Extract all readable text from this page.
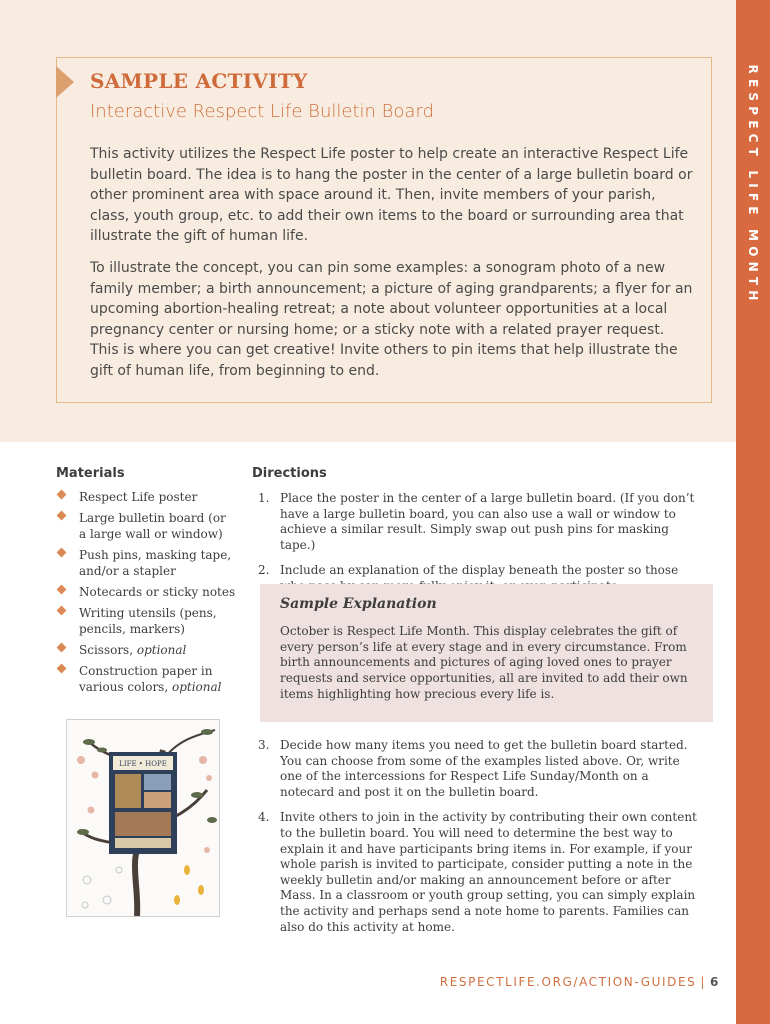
RESPECT LIFE MONTH
SAMPLE ACTIVITY
Interactive Respect Life Bulletin Board

This activity utilizes the Respect Life poster to help create an interactive Respect Life bulletin board. The idea is to hang the poster in the center of a large bulletin board or other prominent area with space around it. Then, invite members of your parish, class, youth group, etc. to add their own items to the board or surrounding area that illustrate the gift of human life.

To illustrate the concept, you can pin some examples: a sonogram photo of a new family member; a birth announcement; a picture of aging grandparents; a flyer for an upcoming abortion-healing retreat; a note about volunteer opportunities at a local pregnancy center or nursing home; or a sticky note with a related prayer request. This is where you can get creative! Invite others to pin items that help illustrate the gift of human life, from beginning to end.

Materials
Respect Life poster
Large bulletin board (or a large wall or window)
Push pins, masking tape, and/or a stapler
Notecards or sticky notes
Writing utensils (pens, pencils, markers)
Scissors, optional
Construction paper in various colors, optional
LIFE • HOPE
Directions
1. Place the poster in the center of a large bulletin board. (If you don’t have a large bulletin board, you can also use a wall or window to achieve a similar result. Simply swap out push pins for masking tape.)
2. Include an explanation of the display beneath the poster so those
Sample Explanation

October is Respect Life Month. This display celebrates the gift of every person’s life at every stage and in every circumstance. From birth announcements and pictures of aging loved ones to prayer requests and service opportunities, all are invited to add their own items highlighting how precious every life is.

3. Decide how many items you need to get the bulletin board started. You can choose from some of the examples listed above. Or, write one of the intercessions for Respect Life Sunday/Month on a notecard and post it on the bulletin board.
4. Invite others to join in the activity by contributing their own content to the bulletin board. You will need to determine the best way to explain it and have participants bring items in. For example, if your whole parish is invited to participate, consider putting a note in the weekly bulletin and/or making an announcement before or after Mass. In a classroom or youth group setting, you can simply explain the activity and perhaps send a note home to parents. Families can also do this activity at home.
RESPECTLIFE.ORG/ACTION-GUIDES | 6
